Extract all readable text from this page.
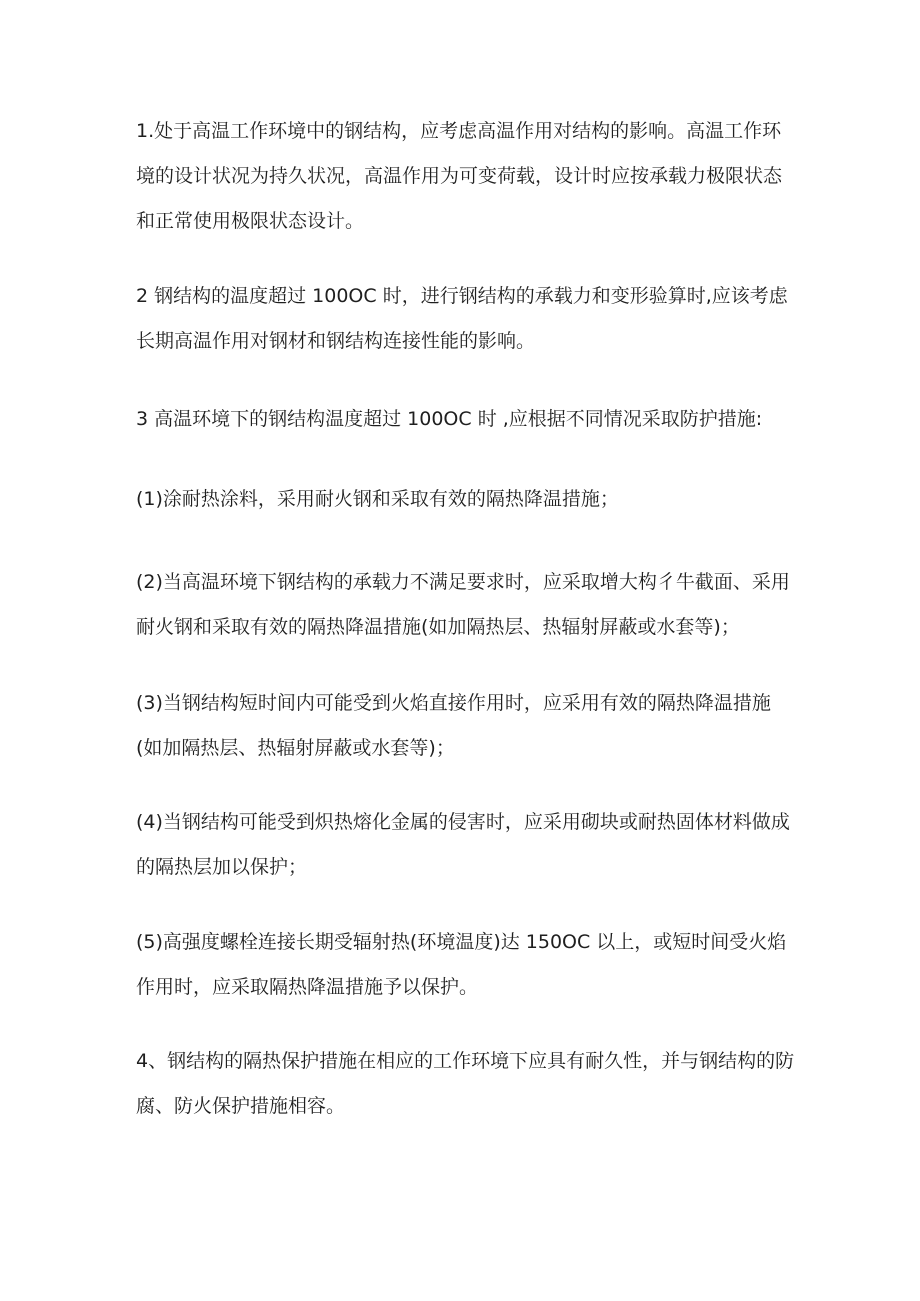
1.处于高温工作环境中的钢结构，应考虑高温作用对结构的影响。高温工作环境的设计状况为持久状况，高温作用为可变荷载，设计时应按承载力极限状态和正常使用极限状态设计。

2 钢结构的温度超过 100OC 时，进行钢结构的承载力和变形验算时,应该考虑长期高温作用对钢材和钢结构连接性能的影响。

3 高温环境下的钢结构温度超过 100OC 时 ,应根据不同情况采取防护措施:

(1)涂耐热涂料，采用耐火钢和采取有效的隔热降温措施；

(2)当高温环境下钢结构的承载力不满足要求时，应采取增大构彳牛截面、采用耐火钢和采取有效的隔热降温措施(如加隔热层、热辐射屏蔽或水套等)；

(3)当钢结构短时间内可能受到火焰直接作用时，应采用有效的隔热降温措施(如加隔热层、热辐射屏蔽或水套等)；

(4)当钢结构可能受到炽热熔化金属的侵害时，应采用砌块或耐热固体材料做成的隔热层加以保护；

(5)高强度螺栓连接长期受辐射热(环境温度)达 150OC 以上，或短时间受火焰作用时，应采取隔热降温措施予以保护。

4、钢结构的隔热保护措施在相应的工作环境下应具有耐久性，并与钢结构的防腐、防火保护措施相容。
